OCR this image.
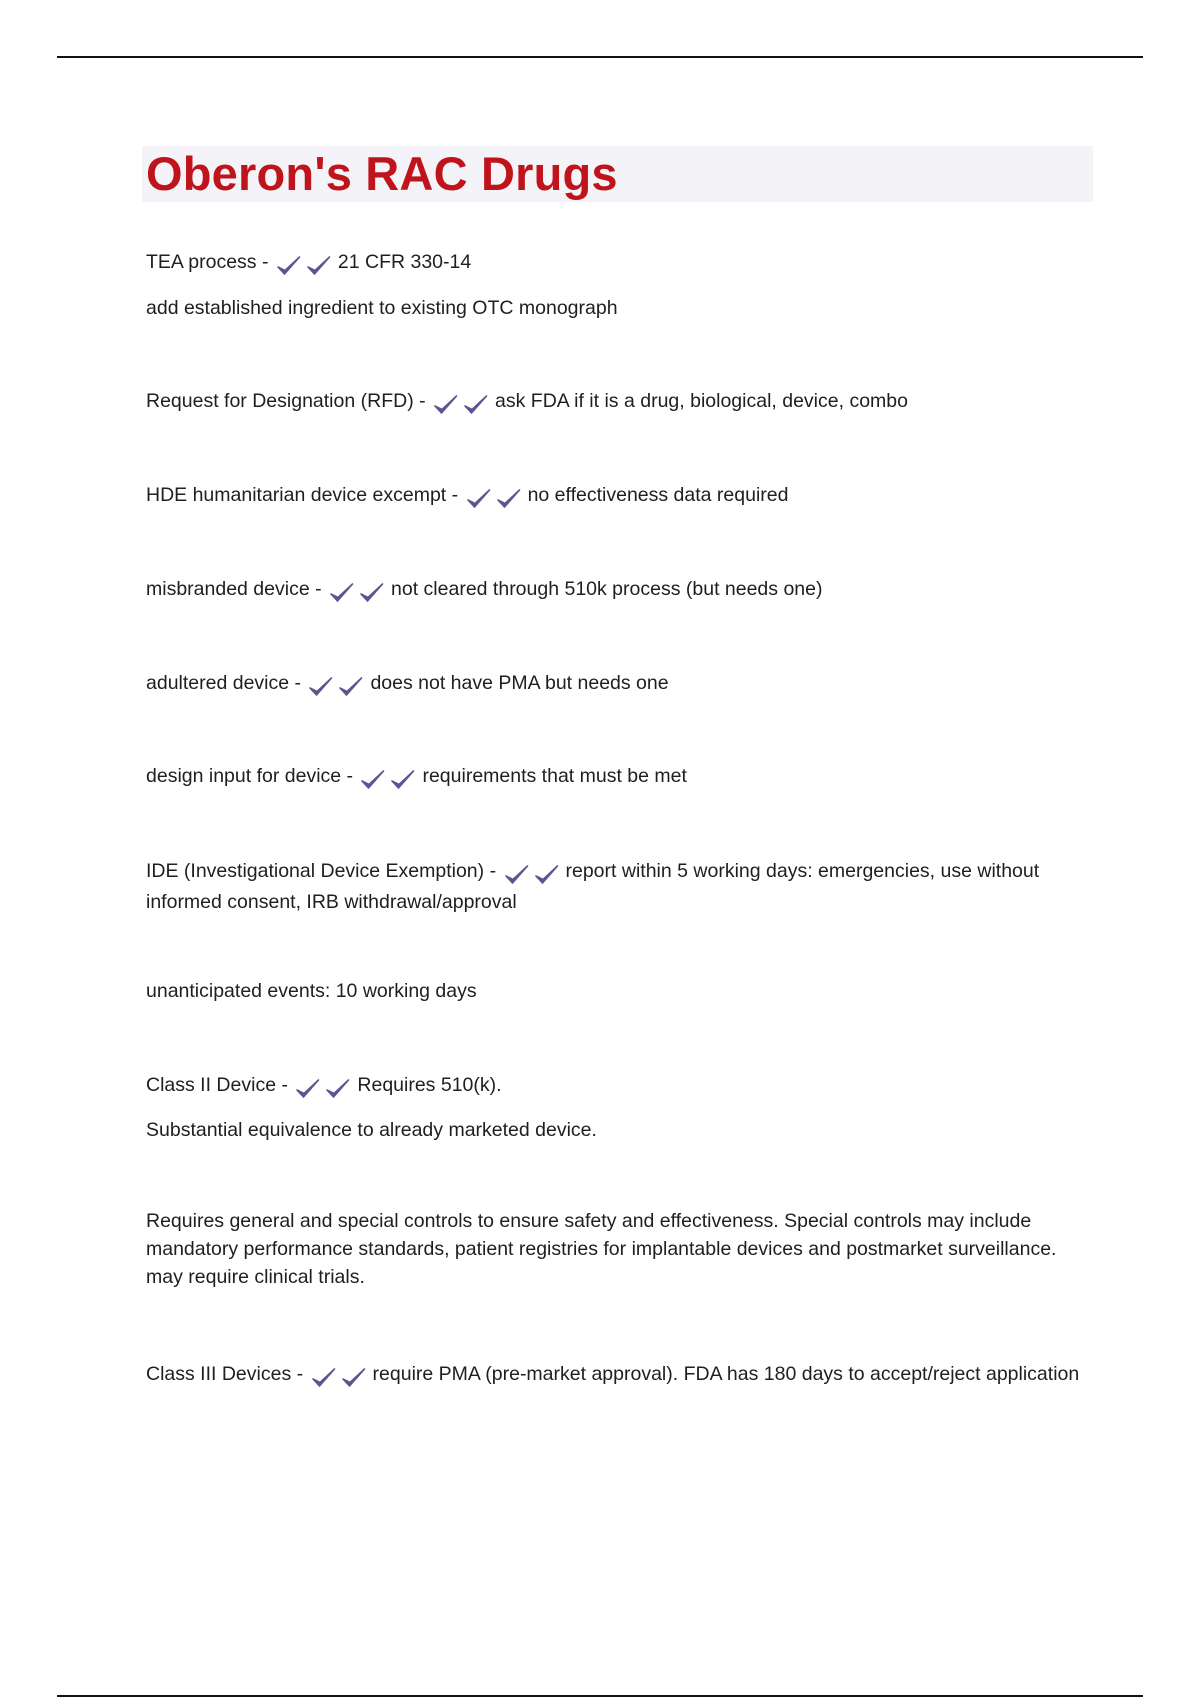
Oberon's RAC Drugs

TEA process -	21 CFR 330-14

add established ingredient to existing OTC monograph

Request for Designation (RFD) -	ask FDA if it is a drug, biological, device, combo

HDE humanitarian device excempt -	no effectiveness data required

misbranded device -	not cleared through 510k process (but needs one)

adultered device -	does not have PMA but needs one

design input for device -	requirements that must be met

IDE (Investigational Device Exemption) -	report within 5 working days: emergencies, use without informed consent, IRB withdrawal/approval

unanticipated events: 10 working days

Class II Device -	Requires 510(k).

Substantial equivalence to already marketed device.

Requires general and special controls to ensure safety and effectiveness. Special controls may include mandatory performance standards, patient registries for implantable devices and postmarket surveillance. may require clinical trials.

Class III Devices -	require PMA (pre-market approval). FDA has 180 days to accept/reject application
